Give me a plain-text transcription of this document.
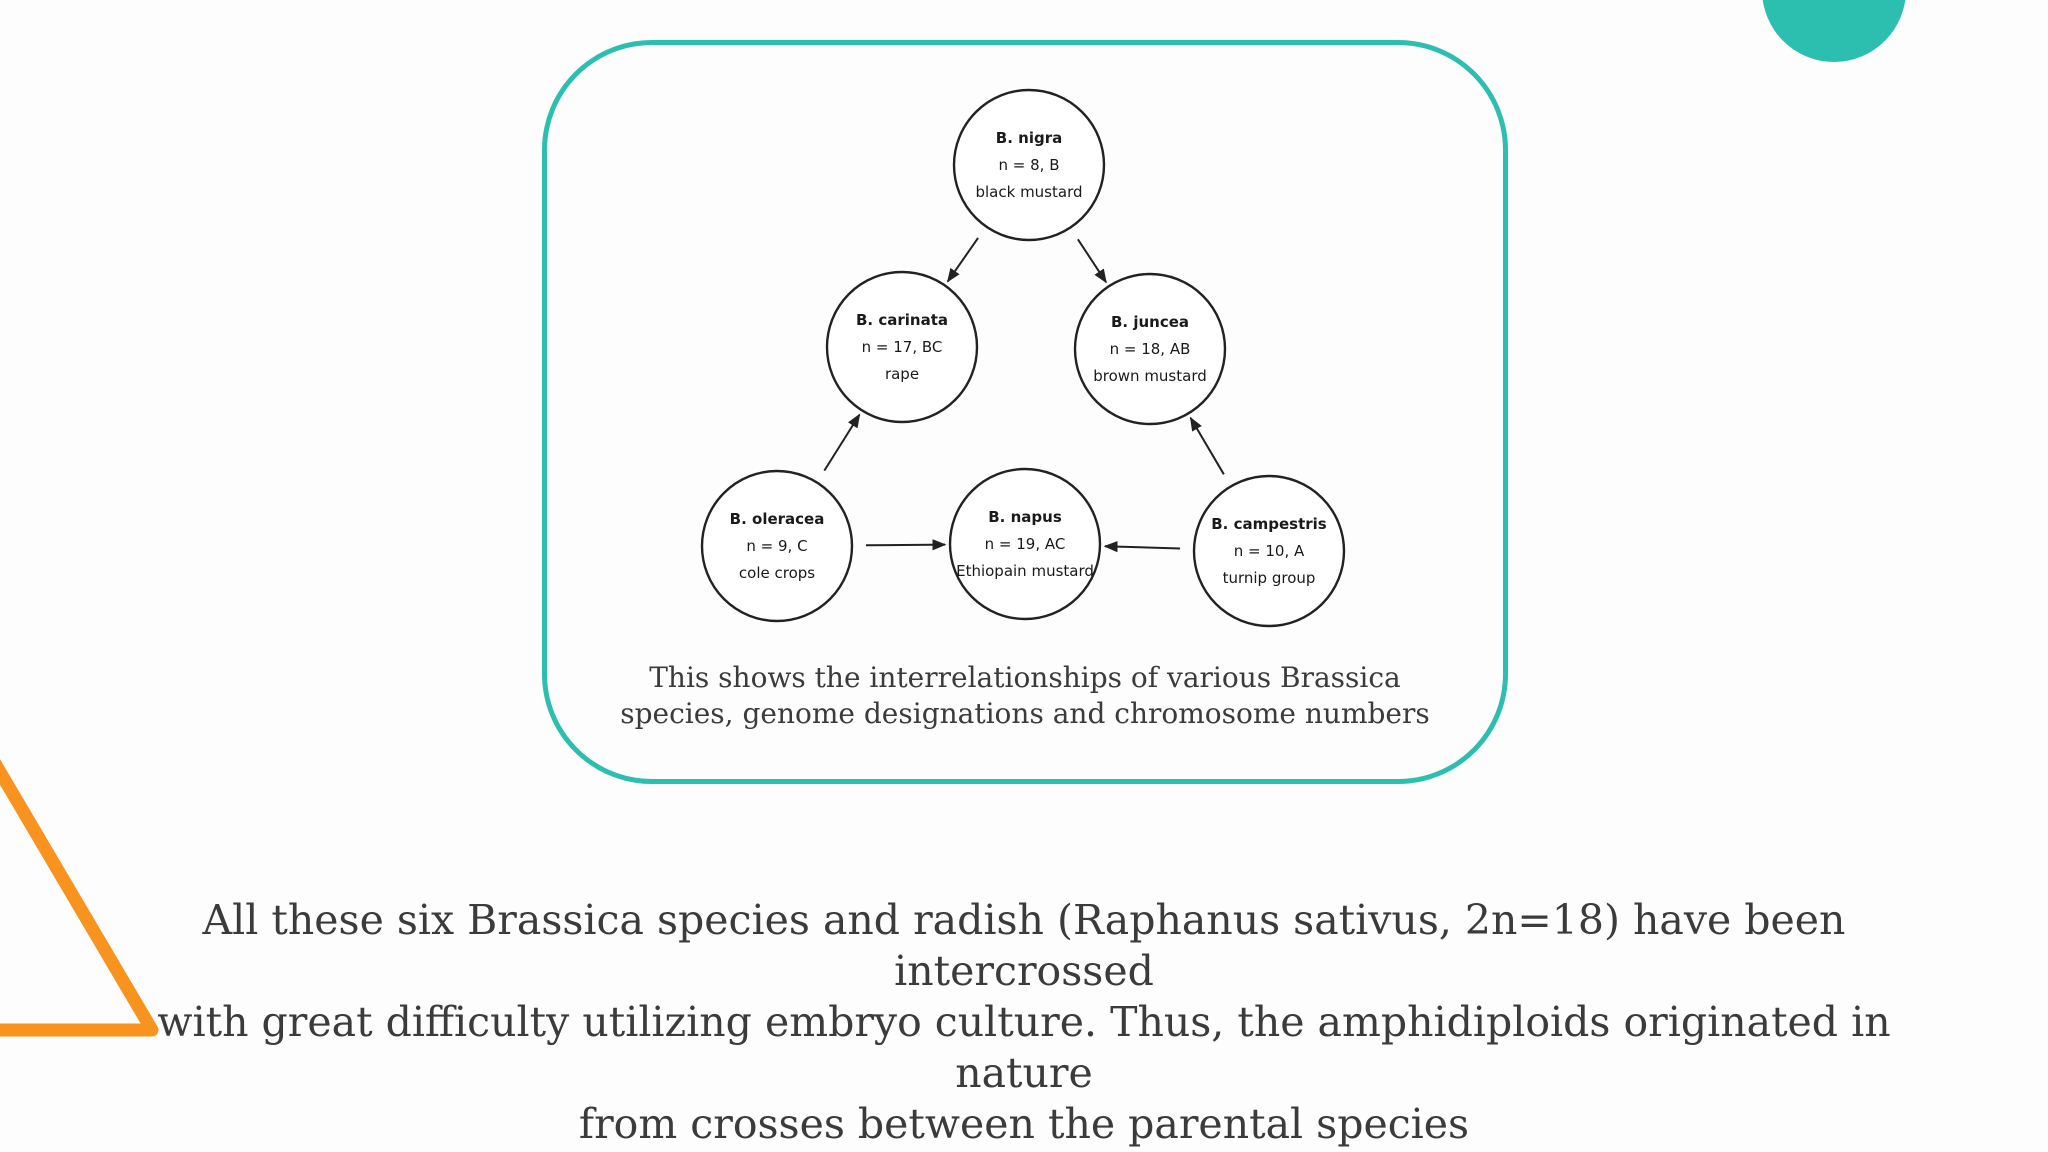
B. nigra
n = 8, B
black mustard
B. carinata
n = 17, BC
rape
B. juncea
n = 18, AB
brown mustard
B. oleracea
n = 9, C
cole crops
B. napus
n = 19, AC
Ethiopain mustard
B. campestris
n = 10, A
turnip group

This shows the interrelationships of various Brassica
species, genome designations and chromosome numbers

All these six Brassica species and radish (Raphanus sativus, 2n=18) have been intercrossed
with great difficulty utilizing embryo culture. Thus, the amphidiploids originated in nature
from crosses between the parental species
